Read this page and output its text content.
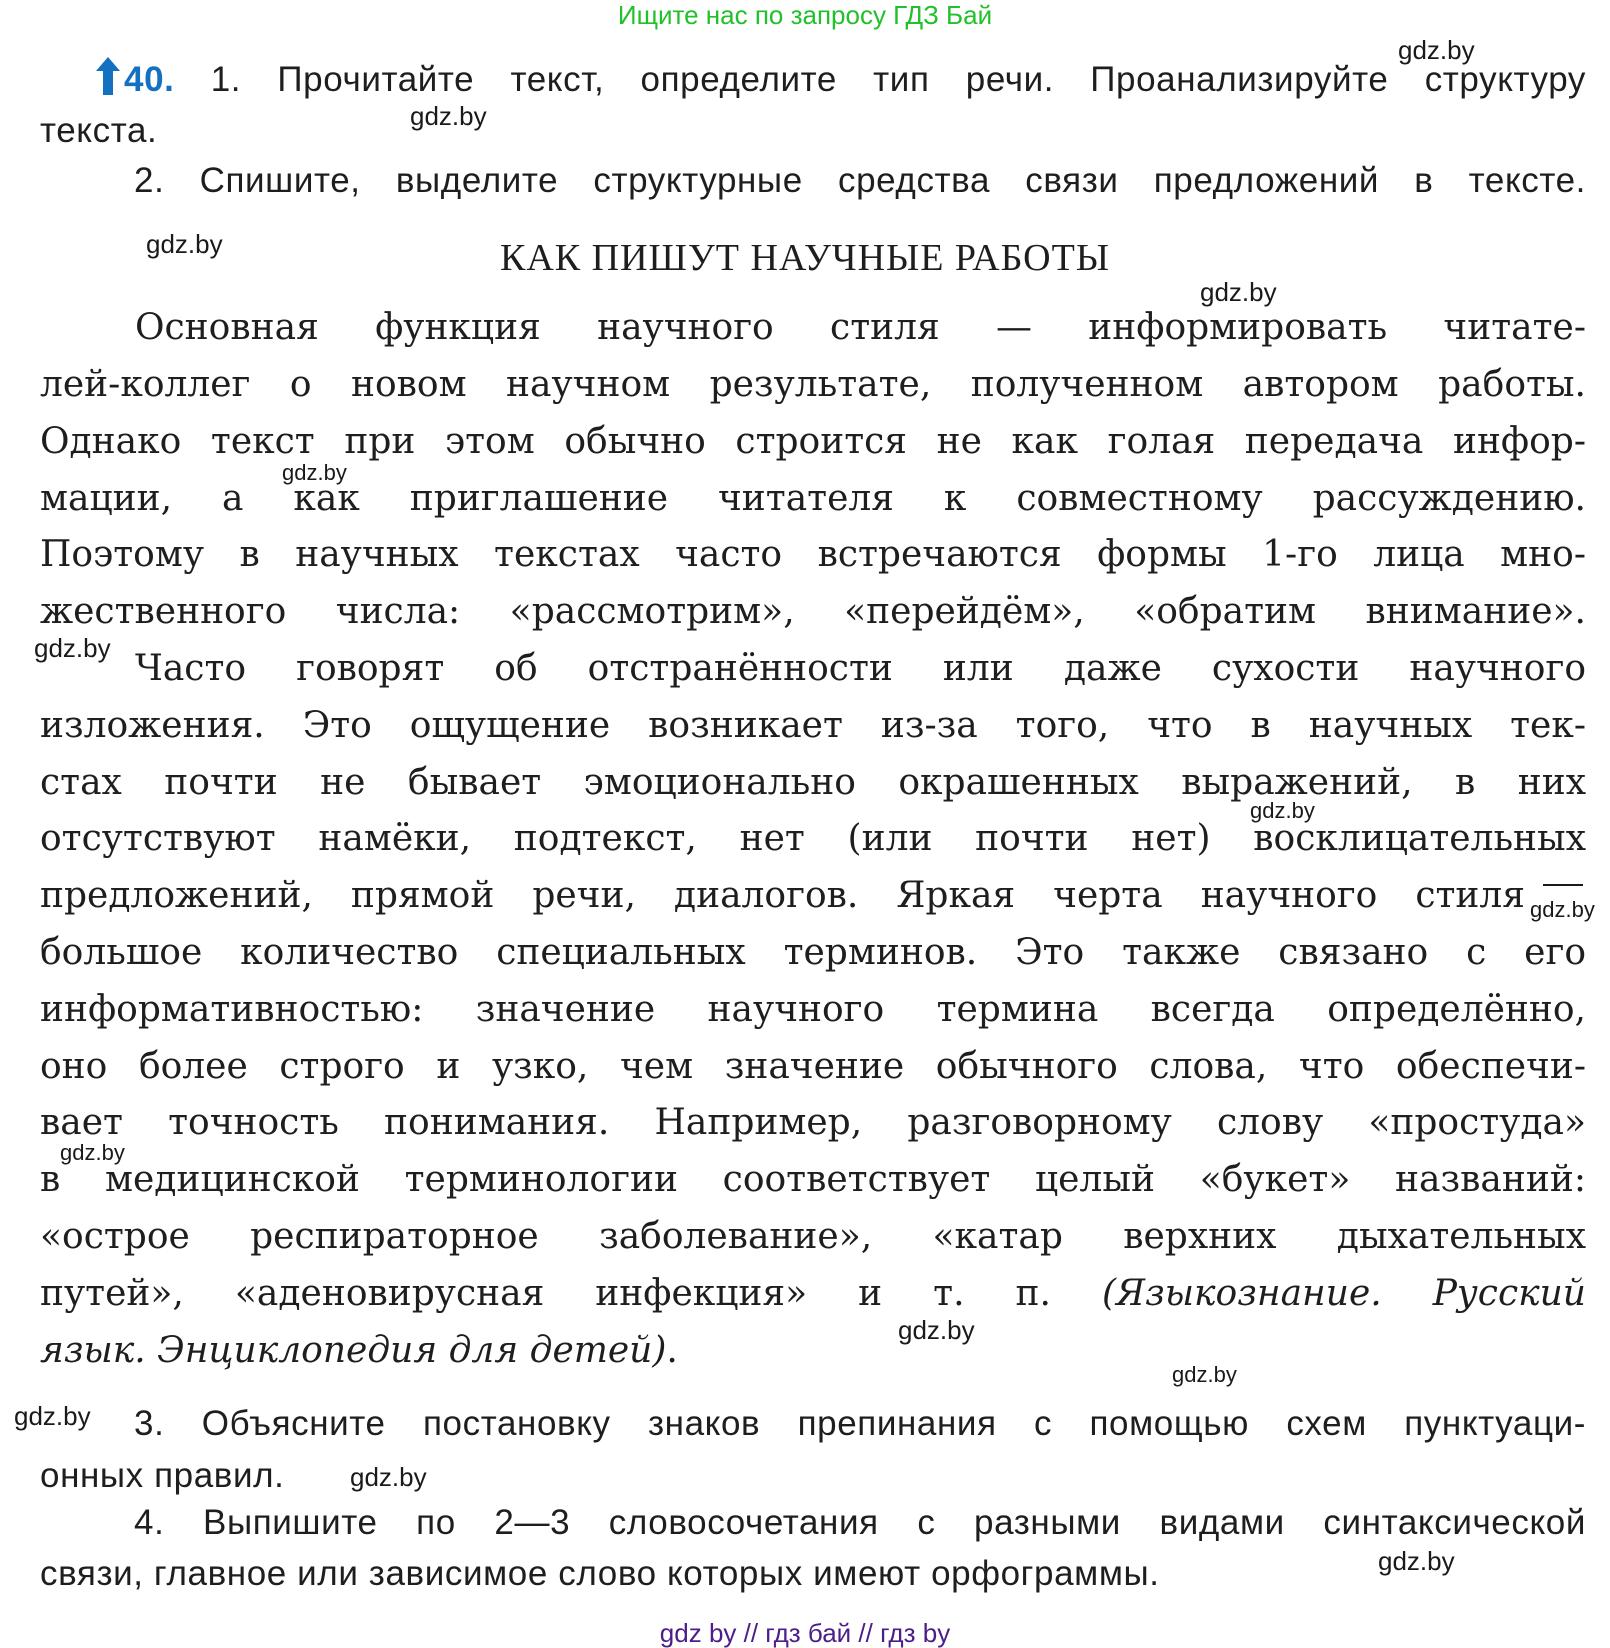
Ищите нас по запросу ГДЗ Бай
40. 1. Прочитайте текст, определите тип речи. Проанализируйте структуру
текста.
2. Спишите, выделите структурные средства связи предложений в тексте.
КАК ПИШУТ НАУЧНЫЕ РАБОТЫ
Основная функция научного стиля — информировать читате-
лей-коллег о новом научном результате, полученном автором работы.
Однако текст при этом обычно строится не как голая передача инфор-
мации, а как приглашение читателя к совместному рассуждению.
Поэтому в научных текстах часто встречаются формы 1-го лица мно-
жественного числа: «рассмотрим», «перейдём», «обратим внимание».
Часто говорят об отстранённости или даже сухости научного
изложения. Это ощущение возникает из-за того, что в научных тек-
стах почти не бывает эмоционально окрашенных выражений, в них
отсутствуют намёки, подтекст, нет (или почти нет) восклицательных
предложений, прямой речи, диалогов. Яркая черта научного стиля
большое количество специальных терминов. Это также связано с его
информативностью: значение научного термина всегда определённо,
оно более строго и узко, чем значение обычного слова, что обеспечи-
вает точность понимания. Например, разговорному слову «простуда»
в медицинской терминологии соответствует целый «букет» названий:
«острое респираторное заболевание», «катар верхних дыхательных
путей», «аденовирусная инфекция» и т. п. (Языкознание. Русский
язык. Энциклопедия для детей).
3. Объясните постановку знаков препинания с помощью схем пунктуаци-
онных правил.
4. Выпишите по 2—3 словосочетания с разными видами синтаксической
связи, главное или зависимое слово которых имеют орфограммы.
gdz.by
gdz.by
gdz.by
gdz.by
gdz.by
gdz.by
gdz.by
gdz.by
gdz.by
gdz.by
gdz.by
gdz.by
gdz.by
gdz.by
gdz by // гдз бай // гдз by
